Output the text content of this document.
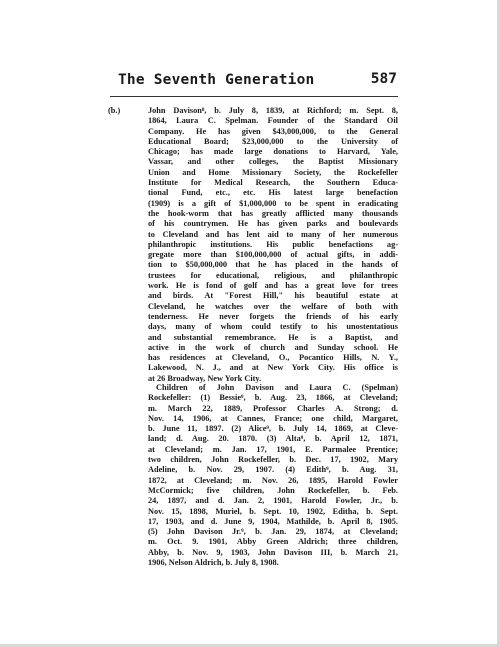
The Seventh Generation	587
(b.)	John Davison⁸, b. July 8, 1839, at Richford; m. Sept. 8,
1864, Laura C. Spelman. Founder of the Standard Oil
Company. He has given $43,000,000, to the General
Educational Board; $23,000,000 to the University of
Chicago; has made large donations to Harvard, Yale,
Vassar, and other colleges, the Baptist Missionary
Union and Home Missionary Society, the Rockefeller
Institute for Medical Research, the Southern Educa-
tional Fund, etc., etc. His latest large benefaction
(1909) is a gift of $1,000,000 to be spent in eradicating
the hook-worm that has greatly afflicted many thousands
of his countrymen. He has given parks and boulevards
to Cleveland and has lent aid to many of her numerous
philanthropic institutions. His public benefactions ag-
gregate more than $100,000,000 of actual gifts, in addi-
tion to $50,000,000 that he has placed in the hands of
trustees for educational, religious, and philanthropic
work. He is fond of golf and has a great love for trees
and birds. At "Forest Hill," his beautiful estate at
Cleveland, he watches over the welfare of both with
tenderness. He never forgets the friends of his early
days, many of whom could testify to his unostentatious
and substantial remembrance. He is a Baptist, and
active in the work of church and Sunday school. He
has residences at Cleveland, O., Pocantico Hills, N. Y.,
Lakewood, N. J., and at New York City. His office is
at 26 Broadway, New York City.
Children of John Davison and Laura C. (Spelman)
Rockefeller: (1) Bessie⁹, b. Aug. 23, 1866, at Cleveland;
m. March 22, 1889, Professor Charles A. Strong; d.
Nov. 14, 1906, at Cannes, France; one child, Margaret,
b. June 11, 1897. (2) Alice⁹, b. July 14, 1869, at Cleve-
land; d. Aug. 20. 1870. (3) Alta⁹, b. April 12, 1871,
at Cleveland; m. Jan. 17, 1901, E. Parmalee Prentice;
two children, John Rockefeller, b. Dec. 17, 1902, Mary
Adeline, b. Nov. 29, 1907. (4) Edith⁹, b. Aug. 31,
1872, at Cleveland; m. Nov. 26, 1895, Harold Fowler
McCormick; five children, John Rockefeller, b. Feb.
24, 1897, and d. Jan. 2, 1901, Harold Fowler, Jr., b.
Nov. 15, 1898, Muriel, b. Sept. 10, 1902, Editha, b. Sept.
17, 1903, and d. June 9, 1904, Mathilde, b. April 8, 1905.
(5) John Davison Jr.⁹, b. Jan. 29, 1874, at Cleveland;
m. Oct. 9. 1901, Abby Green Aldrich; three children,
Abby, b. Nov. 9, 1903, John Davison III, b. March 21,
1906, Nelson Aldrich, b. July 8, 1908.
